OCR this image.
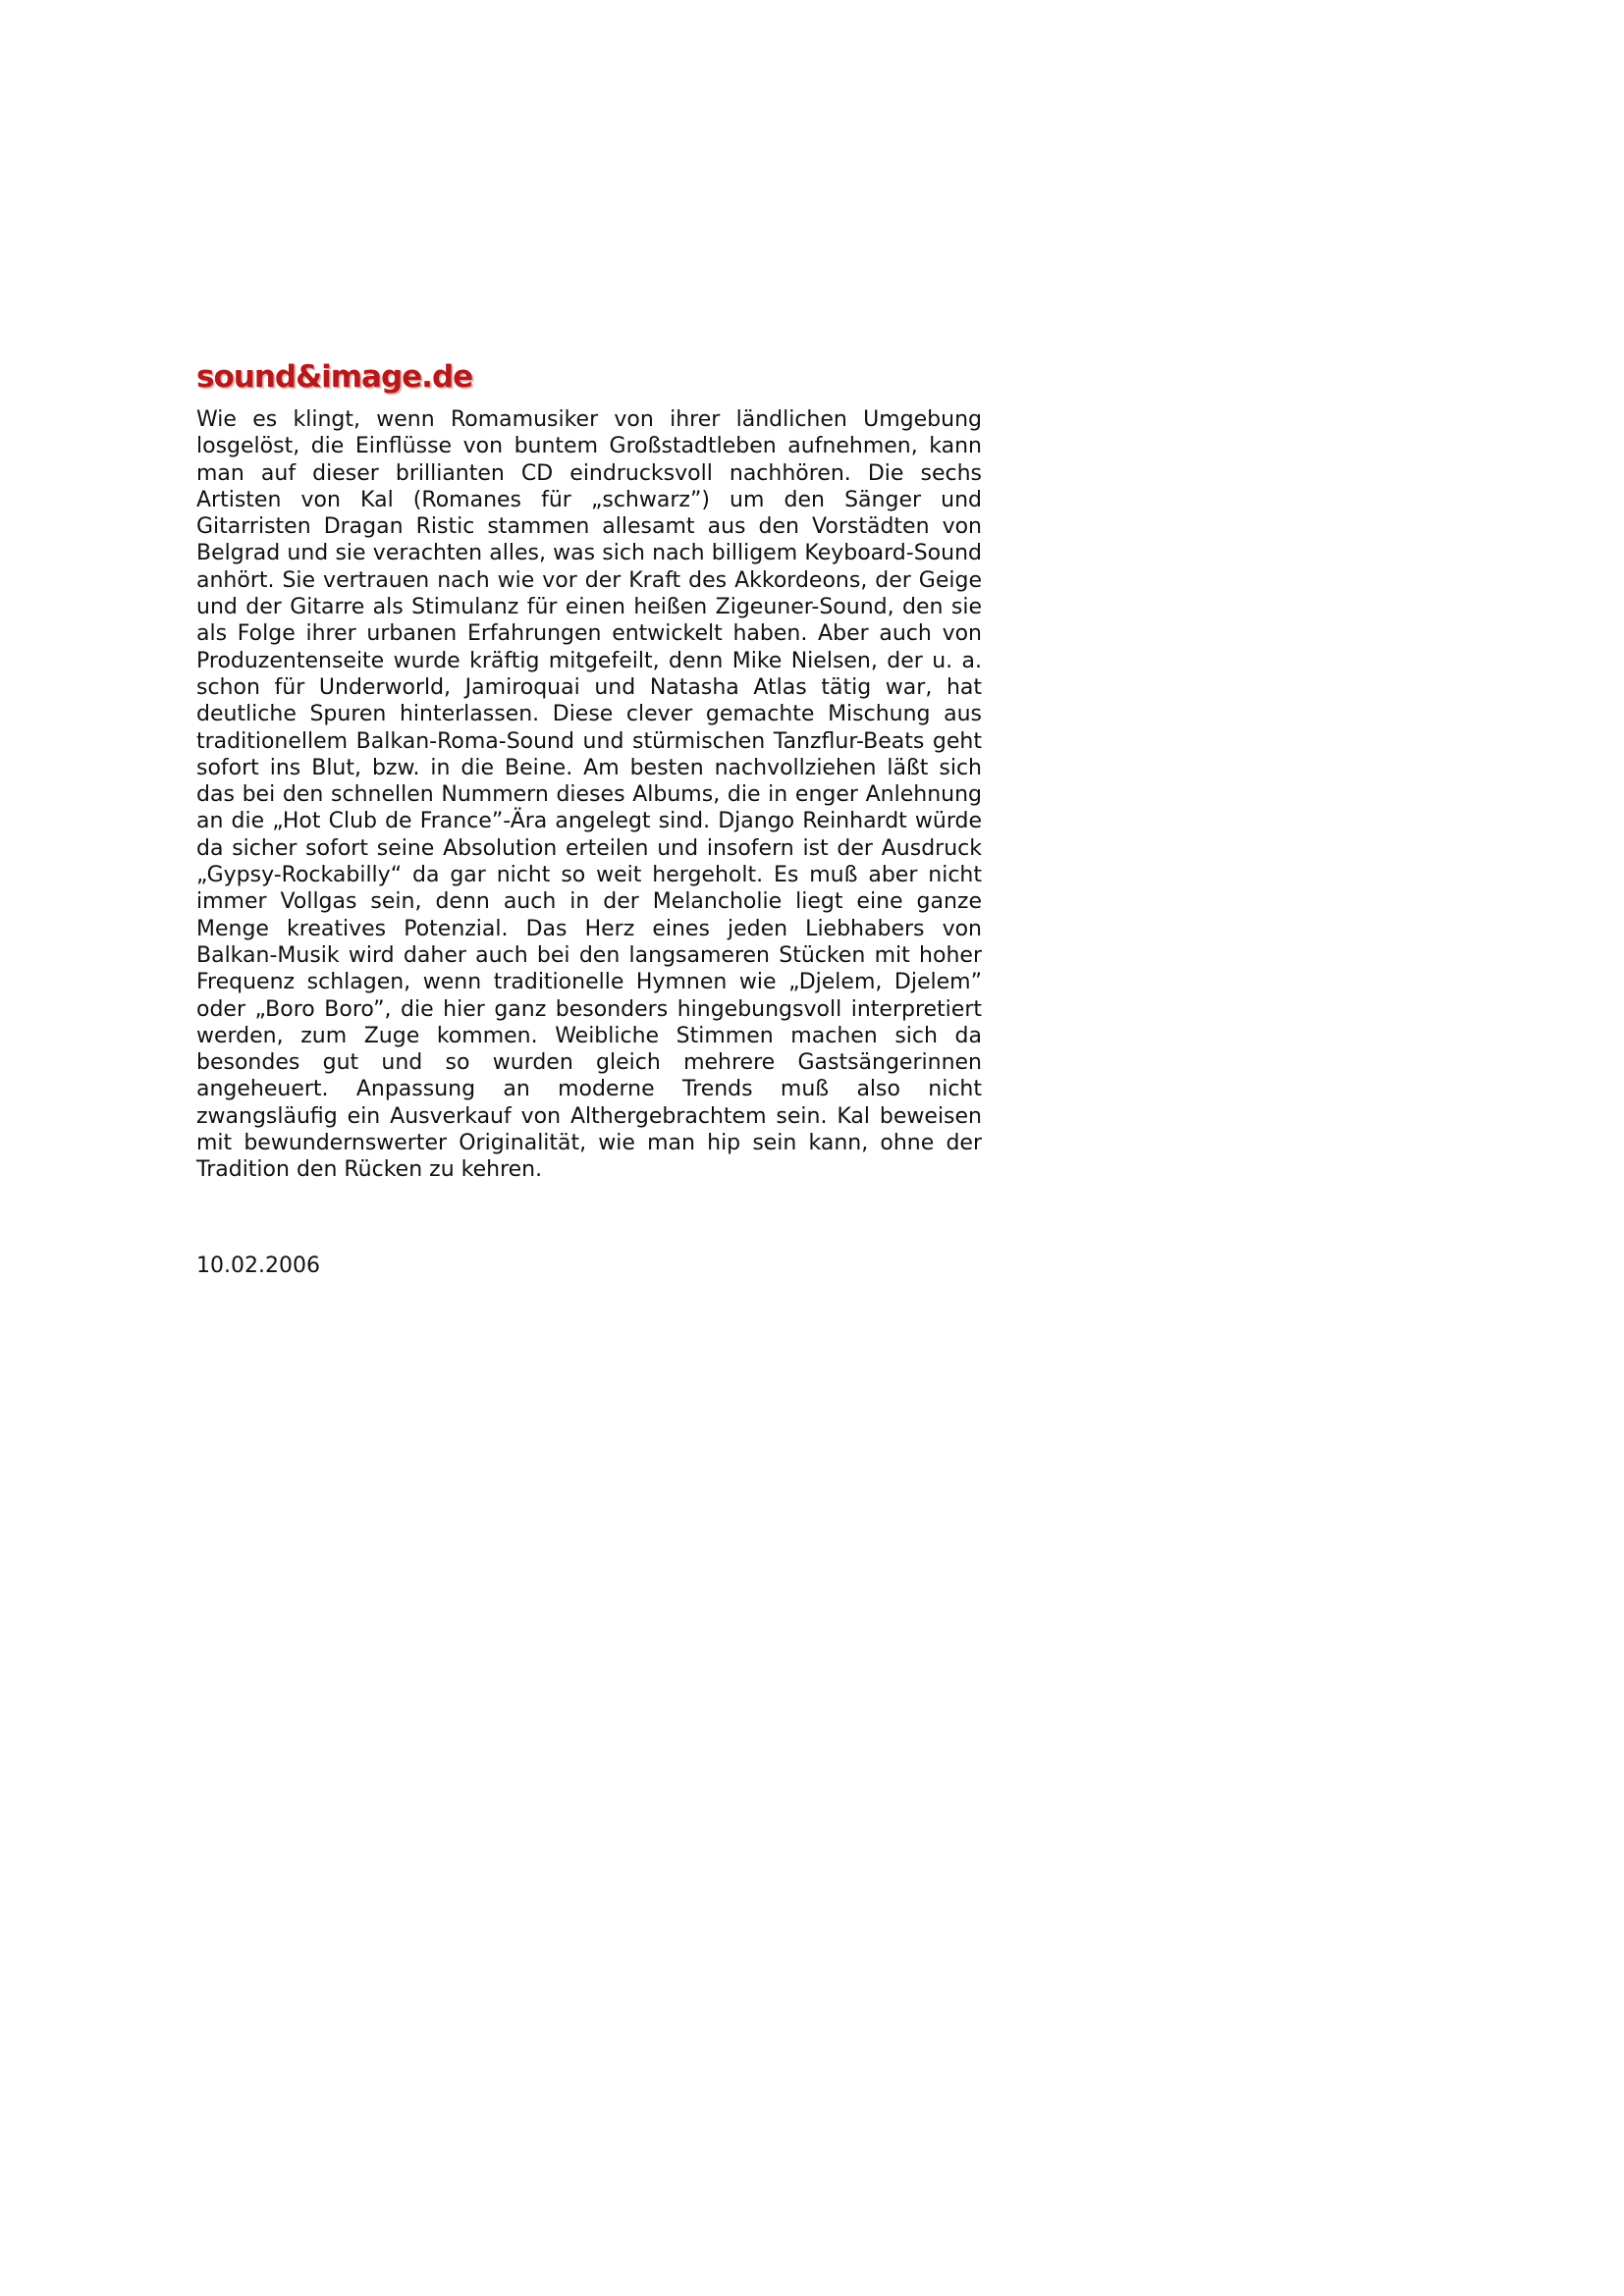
sound&image.de

Wie es klingt, wenn Romamusiker von ihrer ländlichen Umgebung losgelöst, die Einflüsse von buntem Großstadtleben aufnehmen, kann man auf dieser brillianten CD eindrucksvoll nachhören. Die sechs Artisten von Kal (Romanes für „schwarz”) um den Sänger und Gitarristen Dragan Ristic stammen allesamt aus den Vorstädten von Belgrad und sie verachten alles, was sich nach billigem Keyboard-Sound anhört. Sie vertrauen nach wie vor der Kraft des Akkordeons, der Geige und der Gitarre als Stimulanz für einen heißen Zigeuner-Sound, den sie als Folge ihrer urbanen Erfahrungen entwickelt haben. Aber auch von Produzentenseite wurde kräftig mitgefeilt, denn Mike Nielsen, der u. a. schon für Underworld, Jamiroquai und Natasha Atlas tätig war, hat deutliche Spuren hinterlassen. Diese clever gemachte Mischung aus traditionellem Balkan-Roma-Sound und stürmischen Tanzflur-Beats geht sofort ins Blut, bzw. in die Beine. Am besten nachvollziehen läßt sich das bei den schnellen Nummern dieses Albums, die in enger Anlehnung an die „Hot Club de France”-Ära angelegt sind. Django Reinhardt würde da sicher sofort seine Absolution erteilen und insofern ist der Ausdruck „Gypsy-Rockabilly“ da gar nicht so weit hergeholt. Es muß aber nicht immer Vollgas sein, denn auch in der Melancholie liegt eine ganze Menge kreatives Potenzial. Das Herz eines jeden Liebhabers von Balkan-Musik wird daher auch bei den langsameren Stücken mit hoher Frequenz schlagen, wenn traditionelle Hymnen wie „Djelem, Djelem” oder „Boro Boro”, die hier ganz besonders hingebungsvoll interpretiert werden, zum Zuge kommen. Weibliche Stimmen machen sich da besondes gut und so wurden gleich mehrere Gastsängerinnen angeheuert. Anpassung an moderne Trends muß also nicht zwangsläufig ein Ausverkauf von Althergebrachtem sein. Kal beweisen mit bewundernswerter Originalität, wie man hip sein kann, ohne der Tradition den Rücken zu kehren.

10.02.2006
